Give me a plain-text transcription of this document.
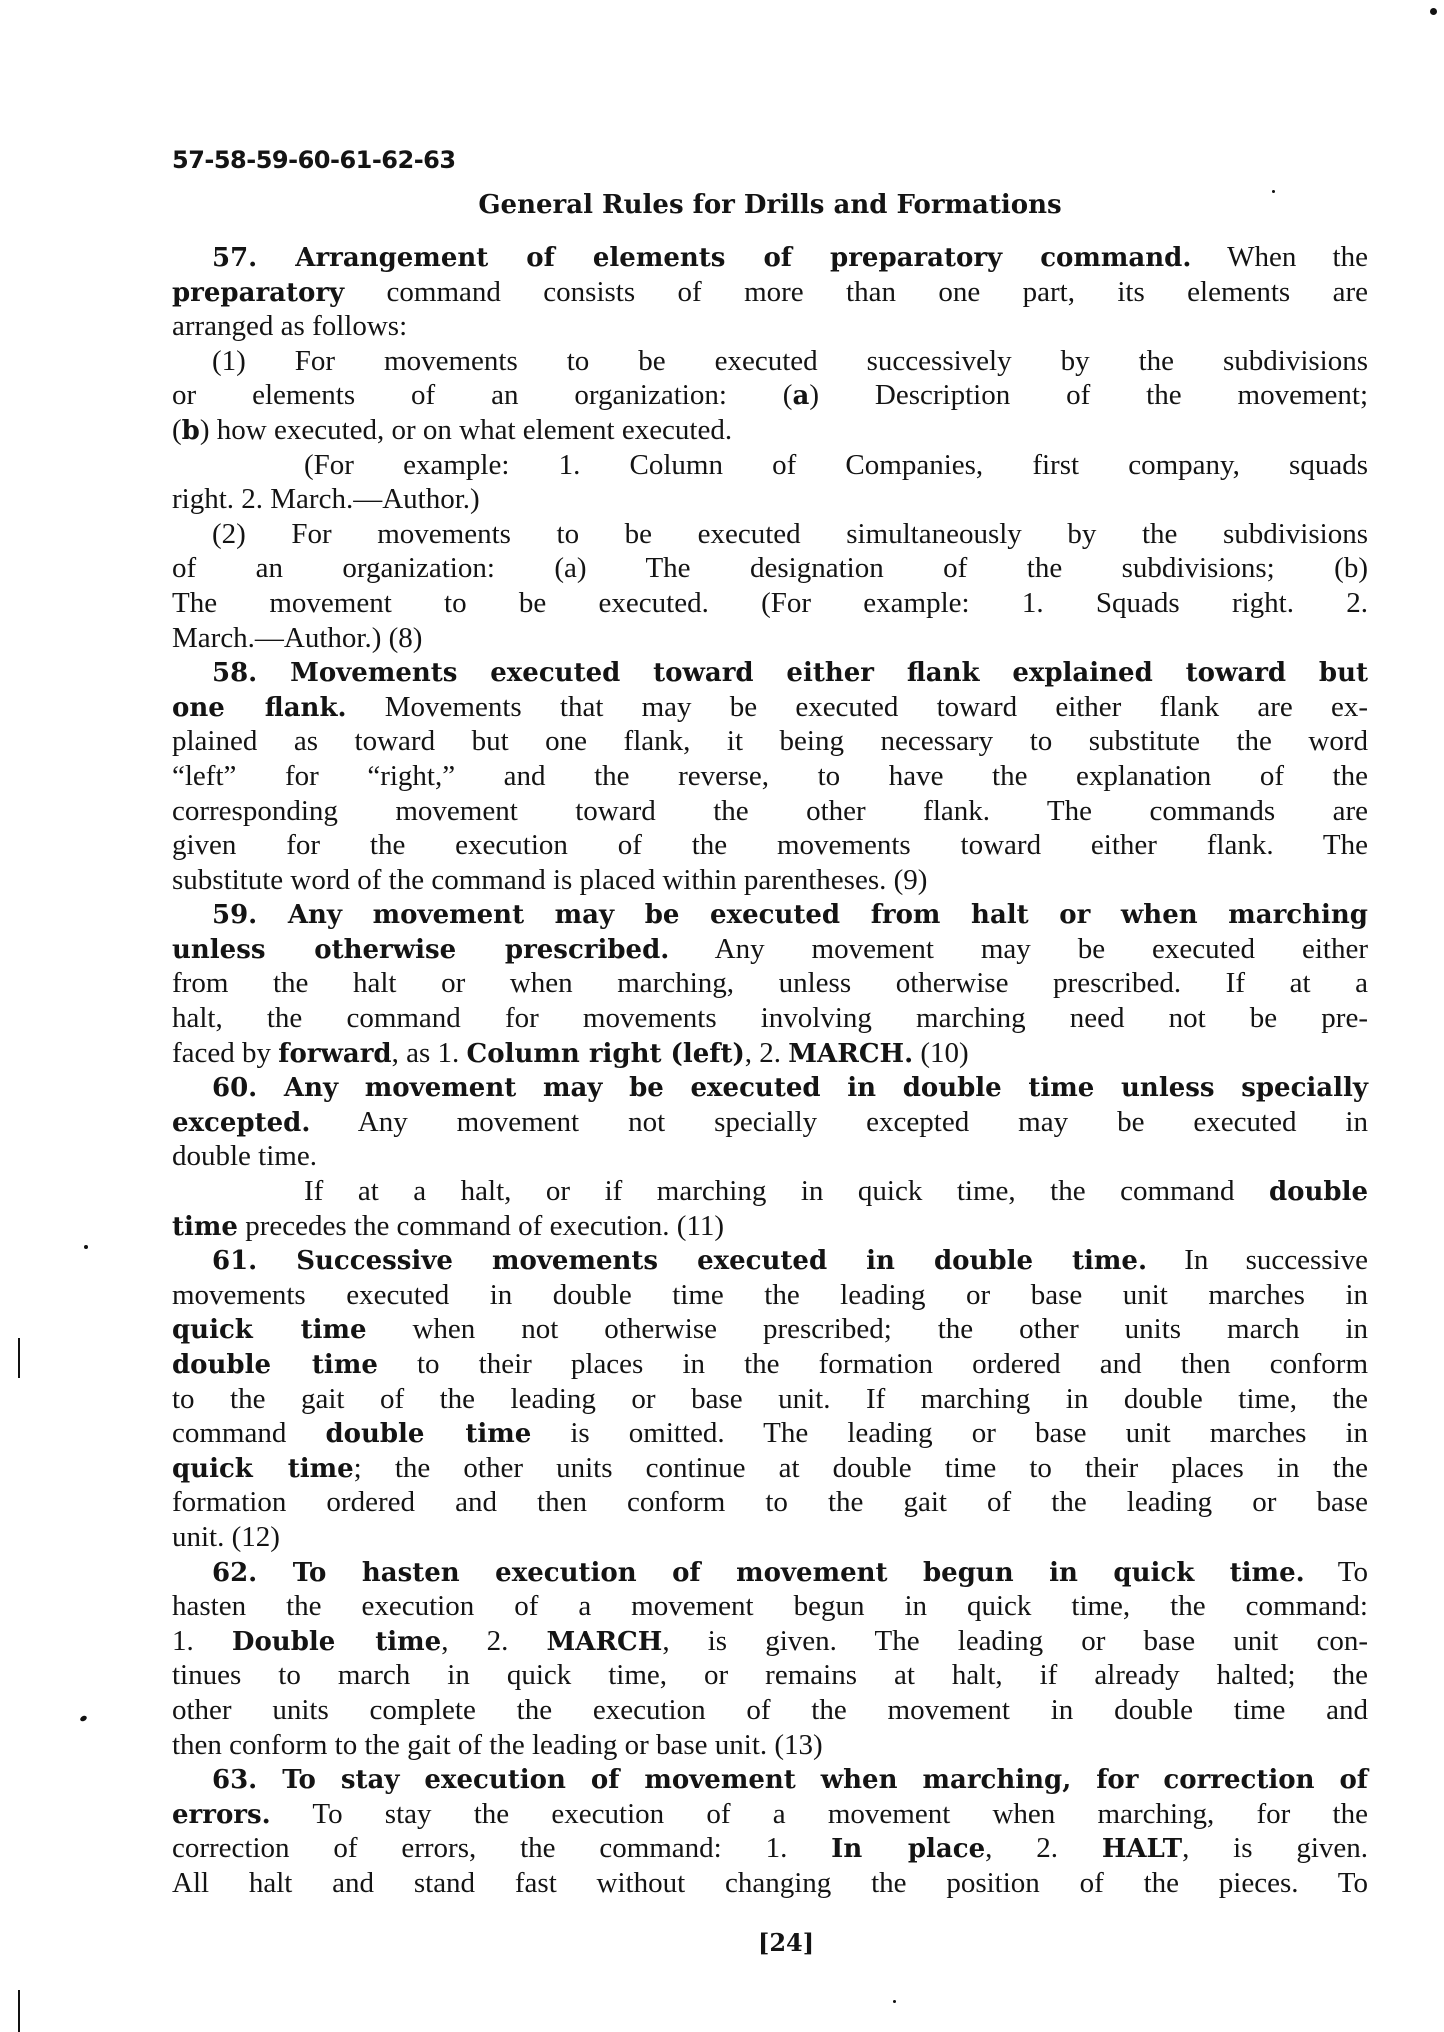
57-58-59-60-61-62-63
General Rules for Drills and Formations
57. Arrangement of elements of preparatory command. When the
preparatory command consists of more than one part, its elements are
arranged as follows:
(1) For movements to be executed successively by the subdivisions
or elements of an organization: (a) Description of the movement;
(b) how executed, or on what element executed.
(For example: 1. Column of Companies, first company, squads
right. 2. March.—Author.)
(2) For movements to be executed simultaneously by the subdivisions
of an organization: (a) The designation of the subdivisions; (b)
The movement to be executed. (For example: 1. Squads right. 2.
March.—Author.) (8)
58. Movements executed toward either flank explained toward but
one flank. Movements that may be executed toward either flank are ex-
plained as toward but one flank, it being necessary to substitute the word
“left” for “right,” and the reverse, to have the explanation of the
corresponding movement toward the other flank. The commands are
given for the execution of the movements toward either flank. The
substitute word of the command is placed within parentheses. (9)
59. Any movement may be executed from halt or when marching
unless otherwise prescribed. Any movement may be executed either
from the halt or when marching, unless otherwise prescribed. If at a
halt, the command for movements involving marching need not be pre-
faced by forward, as 1. Column right (left), 2. MARCH. (10)
60. Any movement may be executed in double time unless specially
excepted. Any movement not specially excepted may be executed in
double time.
If at a halt, or if marching in quick time, the command double
time precedes the command of execution. (11)
61. Successive movements executed in double time. In successive
movements executed in double time the leading or base unit marches in
quick time when not otherwise prescribed; the other units march in
double time to their places in the formation ordered and then conform
to the gait of the leading or base unit. If marching in double time, the
command double time is omitted. The leading or base unit marches in
quick time; the other units continue at double time to their places in the
formation ordered and then conform to the gait of the leading or base
unit. (12)
62. To hasten execution of movement begun in quick time. To
hasten the execution of a movement begun in quick time, the command:
1. Double time, 2. MARCH, is given. The leading or base unit con-
tinues to march in quick time, or remains at halt, if already halted; the
other units complete the execution of the movement in double time and
then conform to the gait of the leading or base unit. (13)
63. To stay execution of movement when marching, for correction of
errors. To stay the execution of a movement when marching, for the
correction of errors, the command: 1. In place, 2. HALT, is given.
All halt and stand fast without changing the position of the pieces. To
[24]
